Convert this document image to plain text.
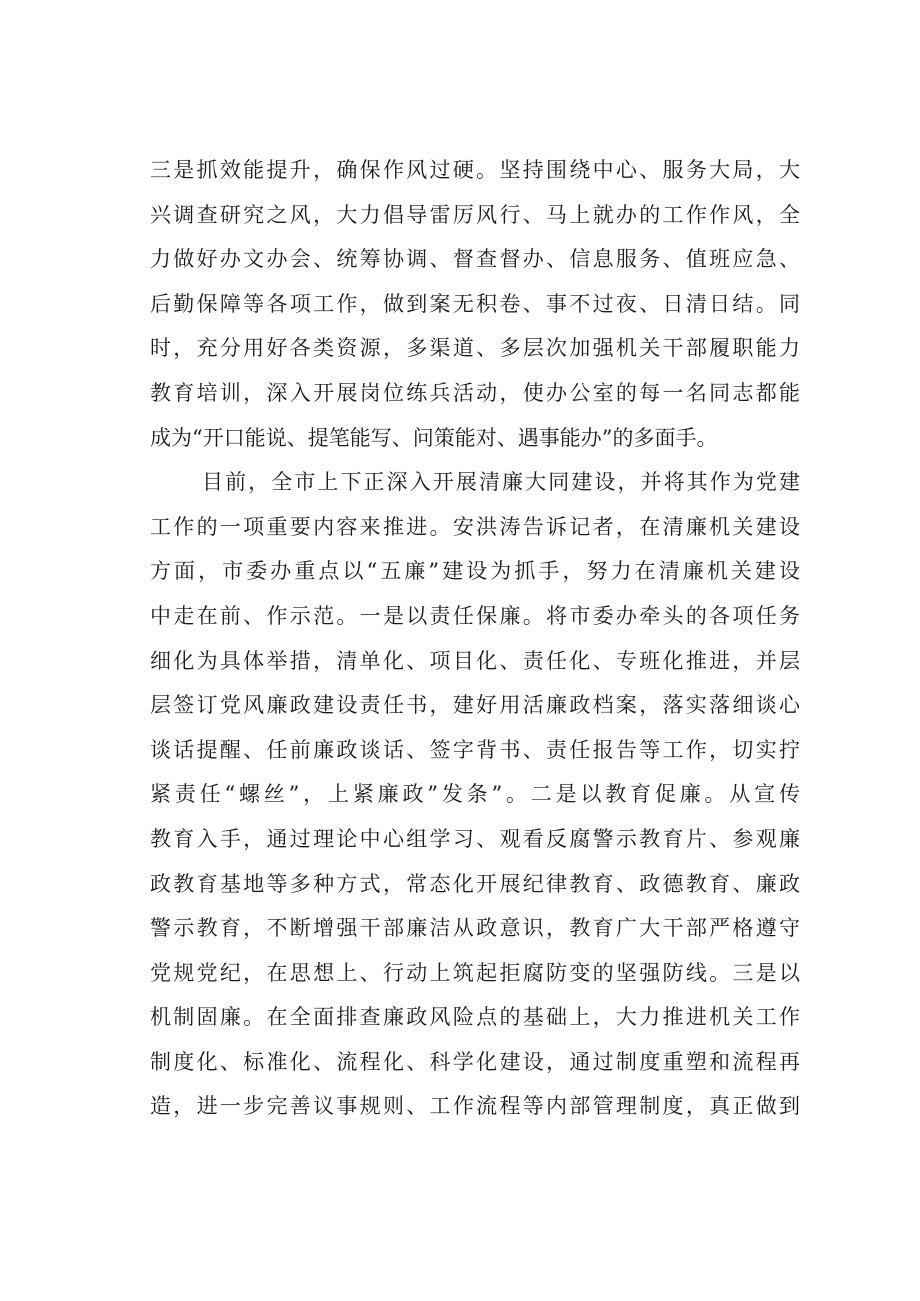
三是抓效能提升，确保作风过硬。坚持围绕中心、服务大局，大
兴调查研究之风，大力倡导雷厉风行、马上就办的工作作风，全
力做好办文办会、统筹协调、督查督办、信息服务、值班应急、
后勤保障等各项工作，做到案无积卷、事不过夜、日清日结。同
时，充分用好各类资源，多渠道、多层次加强机关干部履职能力
教育培训，深入开展岗位练兵活动，使办公室的每一名同志都能
成为“开口能说、提笔能写、问策能对、遇事能办”的多面手。
目前，全市上下正深入开展清廉大同建设，并将其作为党建
工作的一项重要内容来推进。安洪涛告诉记者，在清廉机关建设
方面，市委办重点以“五廉”建设为抓手，努力在清廉机关建设
中走在前、作示范。一是以责任保廉。将市委办牵头的各项任务
细化为具体举措，清单化、项目化、责任化、专班化推进，并层
层签订党风廉政建设责任书，建好用活廉政档案，落实落细谈心
谈话提醒、任前廉政谈话、签字背书、责任报告等工作，切实拧
紧责任“螺丝”，上紧廉政”发条”。二是以教育促廉。从宣传
教育入手，通过理论中心组学习、观看反腐警示教育片、参观廉
政教育基地等多种方式，常态化开展纪律教育、政德教育、廉政
警示教育，不断增强干部廉洁从政意识，教育广大干部严格遵守
党规党纪，在思想上、行动上筑起拒腐防变的坚强防线。三是以
机制固廉。在全面排查廉政风险点的基础上，大力推进机关工作
制度化、标准化、流程化、科学化建设，通过制度重塑和流程再
造，进一步完善议事规则、工作流程等内部管理制度，真正做到
